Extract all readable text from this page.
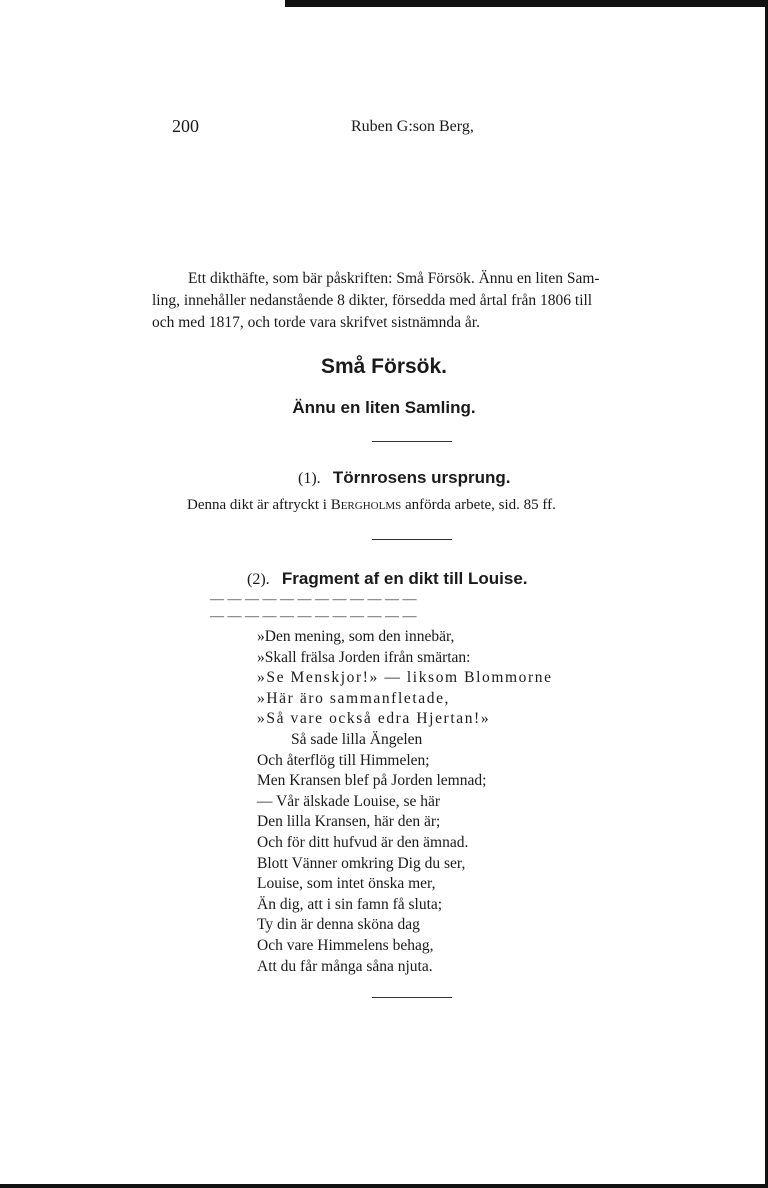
200	Ruben G:son Berg,

Ett dikthäfte, som bär påskriften: Små Försök. Ännu en liten Sam-

ling, innehåller nedanstående 8 dikter, försedda med årtal från 1806 till

och med 1817, och torde vara skrifvet sistnämnda år.

Små Försök.
Ännu en liten Samling.
(1). Törnrosens ursprung.
Denna dikt är aftryckt i Bergholms anförda arbete, sid. 85 ff.
(2). Fragment af en dikt till Louise.
— — — — — — — — — — — —
— — — — — — — — — — — —
»Den mening, som den innebär,
»Skall frälsa Jorden ifrån smärtan:
»Se Menskjor!» — liksom Blommorne
»Här äro sammanfletade,
»Så vare också edra Hjertan!»
Så sade lilla Ängelen
Och återflög till Himmelen;
Men Kransen blef på Jorden lemnad;
— Vår älskade Louise, se här
Den lilla Kransen, här den är;
Och för ditt hufvud är den ämnad.
Blott Vänner omkring Dig du ser,
Louise, som intet önska mer,
Än dig, att i sin famn få sluta;
Ty din är denna sköna dag
Och vare Himmelens behag,
Att du får många såna njuta.
